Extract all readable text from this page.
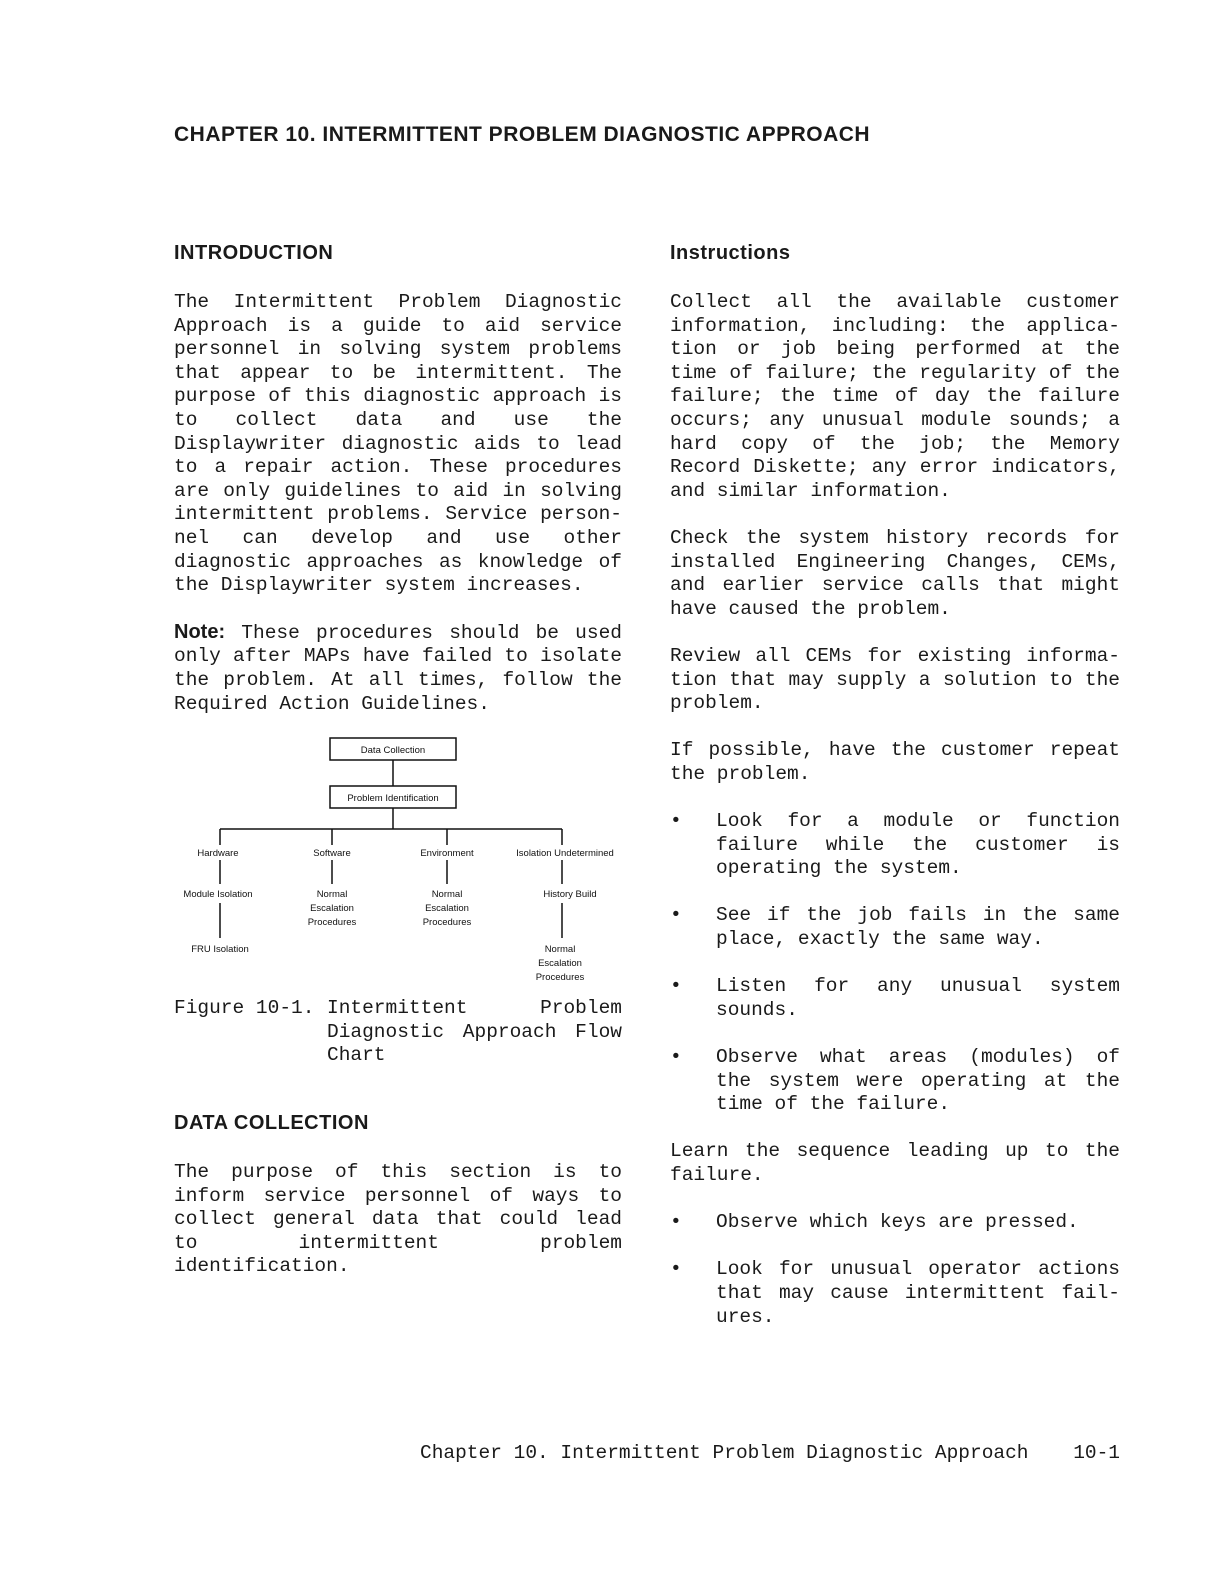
CHAPTER 10. INTERMITTENT PROBLEM DIAGNOSTIC APPROACH
INTRODUCTION

The Intermittent Problem Diagnostic Approach is a guide to aid service personnel in solving system problems that appear to be intermittent. The purpose of this diagnostic approach is to collect data and use the Displaywriter diagnostic aids to lead to a repair action. These procedures are only guidelines to aid in solving intermittent problems. Service person-nel can develop and use other diagnostic approaches as knowledge of the Displaywriter system increases.

Note: These procedures should be used only after MAPs have failed to isolate the problem. At all times, follow the Required Action Guidelines.

Data Collection
Problem Identification
Hardware	Software	Environment	Isolation Undetermined
Module Isolation	Normal
Escalation
Procedures
Normal
Escalation
Procedures
History Build
FRU Isolation	Normal
Escalation
Procedures
Figure 10-1. Intermittent Problem Diagnostic Approach Flow Chart
DATA COLLECTION

The purpose of this section is to inform service personnel of ways to collect general data that could lead to intermittent problem identification.

Instructions

Collect all the available customer information, including: the applica-tion or job being performed at the time of failure; the regularity of the failure; the time of day the failure occurs; any unusual module sounds; a hard copy of the job; the Memory Record Diskette; any error indicators, and similar information.

Check the system history records for installed Engineering Changes, CEMs, and earlier service calls that might have caused the problem.

Review all CEMs for existing informa-tion that may supply a solution to the problem.

If possible, have the customer repeat the problem.

• Look for a module or function failure while the customer is operating the system.

• See if the job fails in the same place, exactly the same way.

• Listen for any unusual system sounds.

• Observe what areas (modules) of the system were operating at the time of the failure.

Learn the sequence leading up to the failure.

• Observe which keys are pressed.

• Look for unusual operator actions that may cause intermittent fail-ures.

Chapter 10. Intermittent Problem Diagnostic Approach 10-1
